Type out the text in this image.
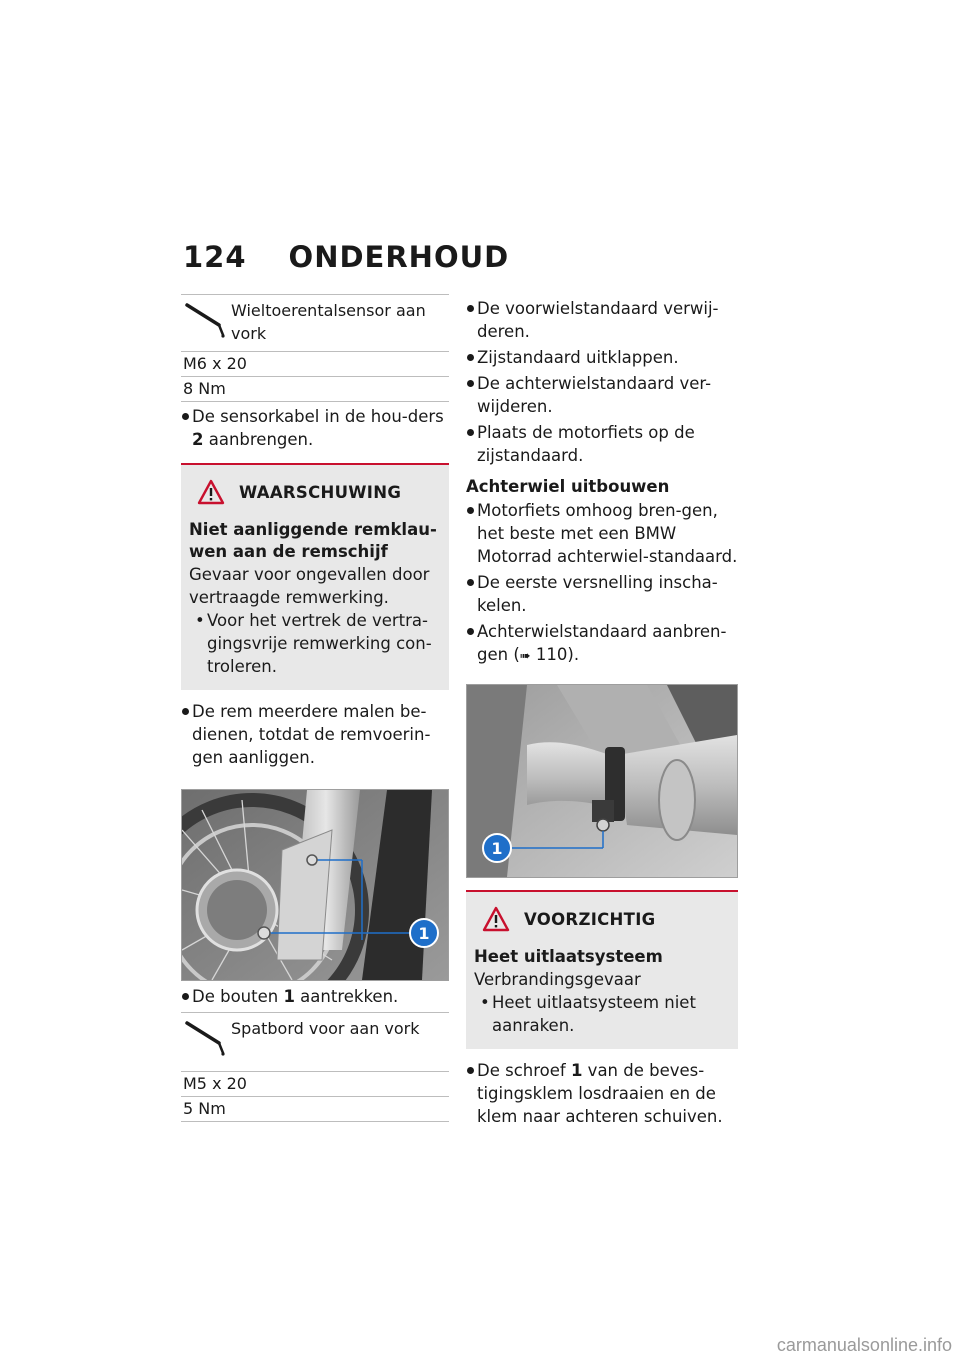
124 ONDERHOUD
Wieltoerentalsensor aan vork
M6 x 20
8 Nm
De sensorkabel in de hou-ders 2 aanbrengen.
WAARSCHUWING
Niet aanliggende remklau-wen aan de remschijf
Gevaar voor ongevallen door vertraagde remwerking.
• Voor het vertrek de vertra-gingsvrije remwerking con-troleren.
De rem meerdere malen be-dienen, totdat de remvoerin-gen aanliggen.
1
De bouten 1 aantrekken.
Spatbord voor aan vork
M5 x 20
5 Nm
De voorwielstandaard verwij-deren.
Zijstandaard uitklappen.
De achterwielstandaard ver-wijderen.
Plaats de motorfiets op de zijstandaard.
Achterwiel uitbouwen
Motorfiets omhoog bren-gen, het beste met een BMW Motorrad achterwiel-standaard.
De eerste versnelling inscha-kelen.
Achterwielstandaard aanbren-gen (➠ 110).
1
VOORZICHTIG
Heet uitlaatsysteem
Verbrandingsgevaar
• Heet uitlaatsysteem niet aanraken.
De schroef 1 van de beves-tigingsklem losdraaien en de klem naar achteren schuiven.
carmanualsonline.info
